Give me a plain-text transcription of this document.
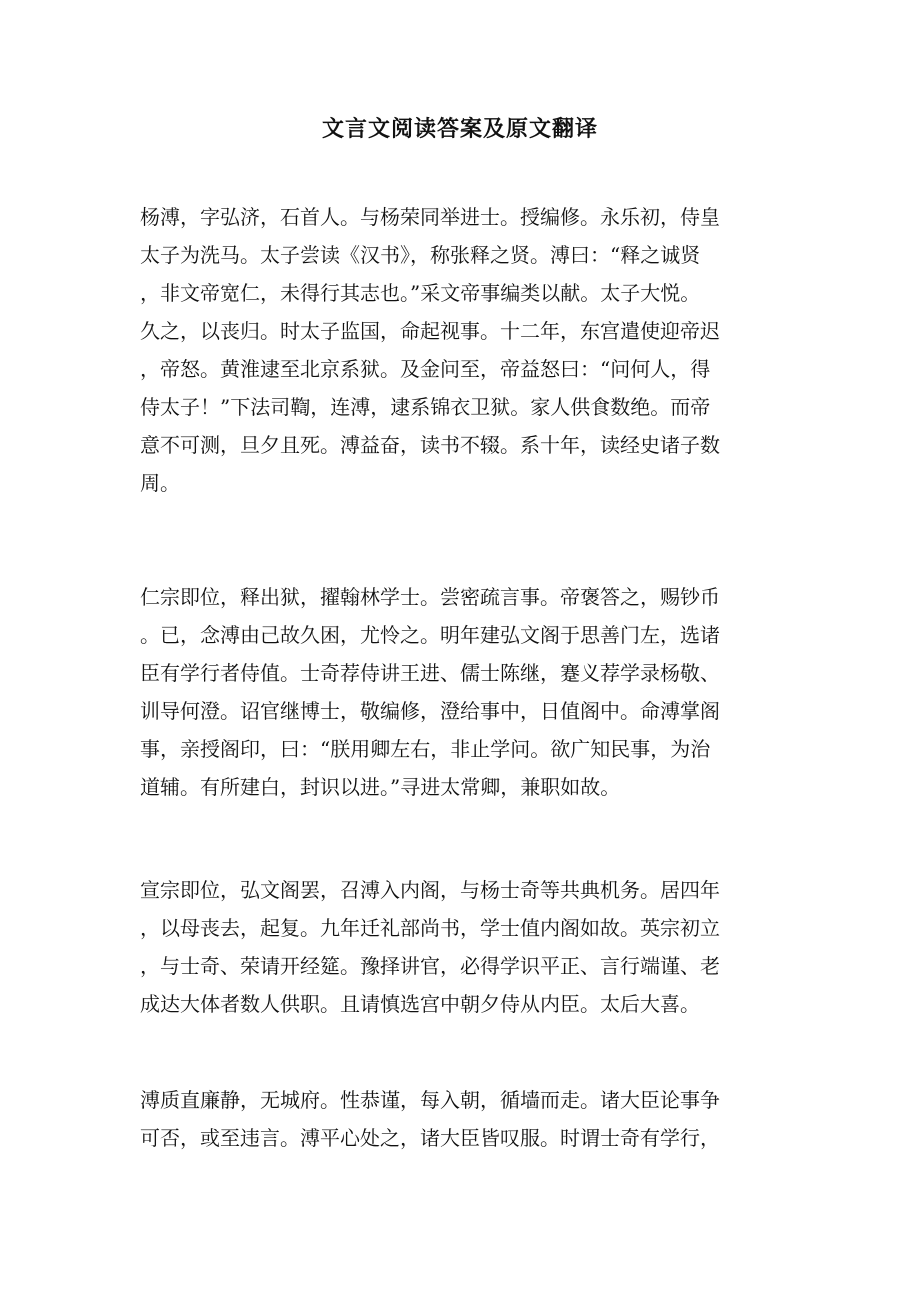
文言文阅读答案及原文翻译
杨溥，字弘济，石首人。与杨荣同举进士。授编修。永乐初，侍皇
太子为洗马。太子尝读《汉书》，称张释之贤。溥曰：“释之诚贤
，非文帝宽仁，未得行其志也。”采文帝事编类以献。太子大悦。
久之，以丧归。时太子监国，命起视事。十二年，东宫遣使迎帝迟
，帝怒。黄淮逮至北京系狱。及金问至，帝益怒曰：“问何人，得
侍太子！”下法司鞫，连溥，逮系锦衣卫狱。家人供食数绝。而帝
意不可测，旦夕且死。溥益奋，读书不辍。系十年，读经史诸子数
周。
仁宗即位，释出狱，擢翰林学士。尝密疏言事。帝褒答之，赐钞币
。已，念溥由己故久困，尤怜之。明年建弘文阁于思善门左，选诸
臣有学行者侍值。士奇荐侍讲王进、儒士陈继，蹇义荐学录杨敬、
训导何澄。诏官继博士，敬编修，澄给事中，日值阁中。命溥掌阁
事，亲授阁印，曰：“朕用卿左右，非止学问。欲广知民事，为治
道辅。有所建白，封识以进。”寻进太常卿，兼职如故。
宣宗即位，弘文阁罢，召溥入内阁，与杨士奇等共典机务。居四年
，以母丧去，起复。九年迁礼部尚书，学士值内阁如故。英宗初立
，与士奇、荣请开经筵。豫择讲官，必得学识平正、言行端谨、老
成达大体者数人供职。且请慎选宫中朝夕侍从内臣。太后大喜。
溥质直廉静，无城府。性恭谨，每入朝，循墙而走。诸大臣论事争
可否，或至违言。溥平心处之，诸大臣皆叹服。时谓士奇有学行，
